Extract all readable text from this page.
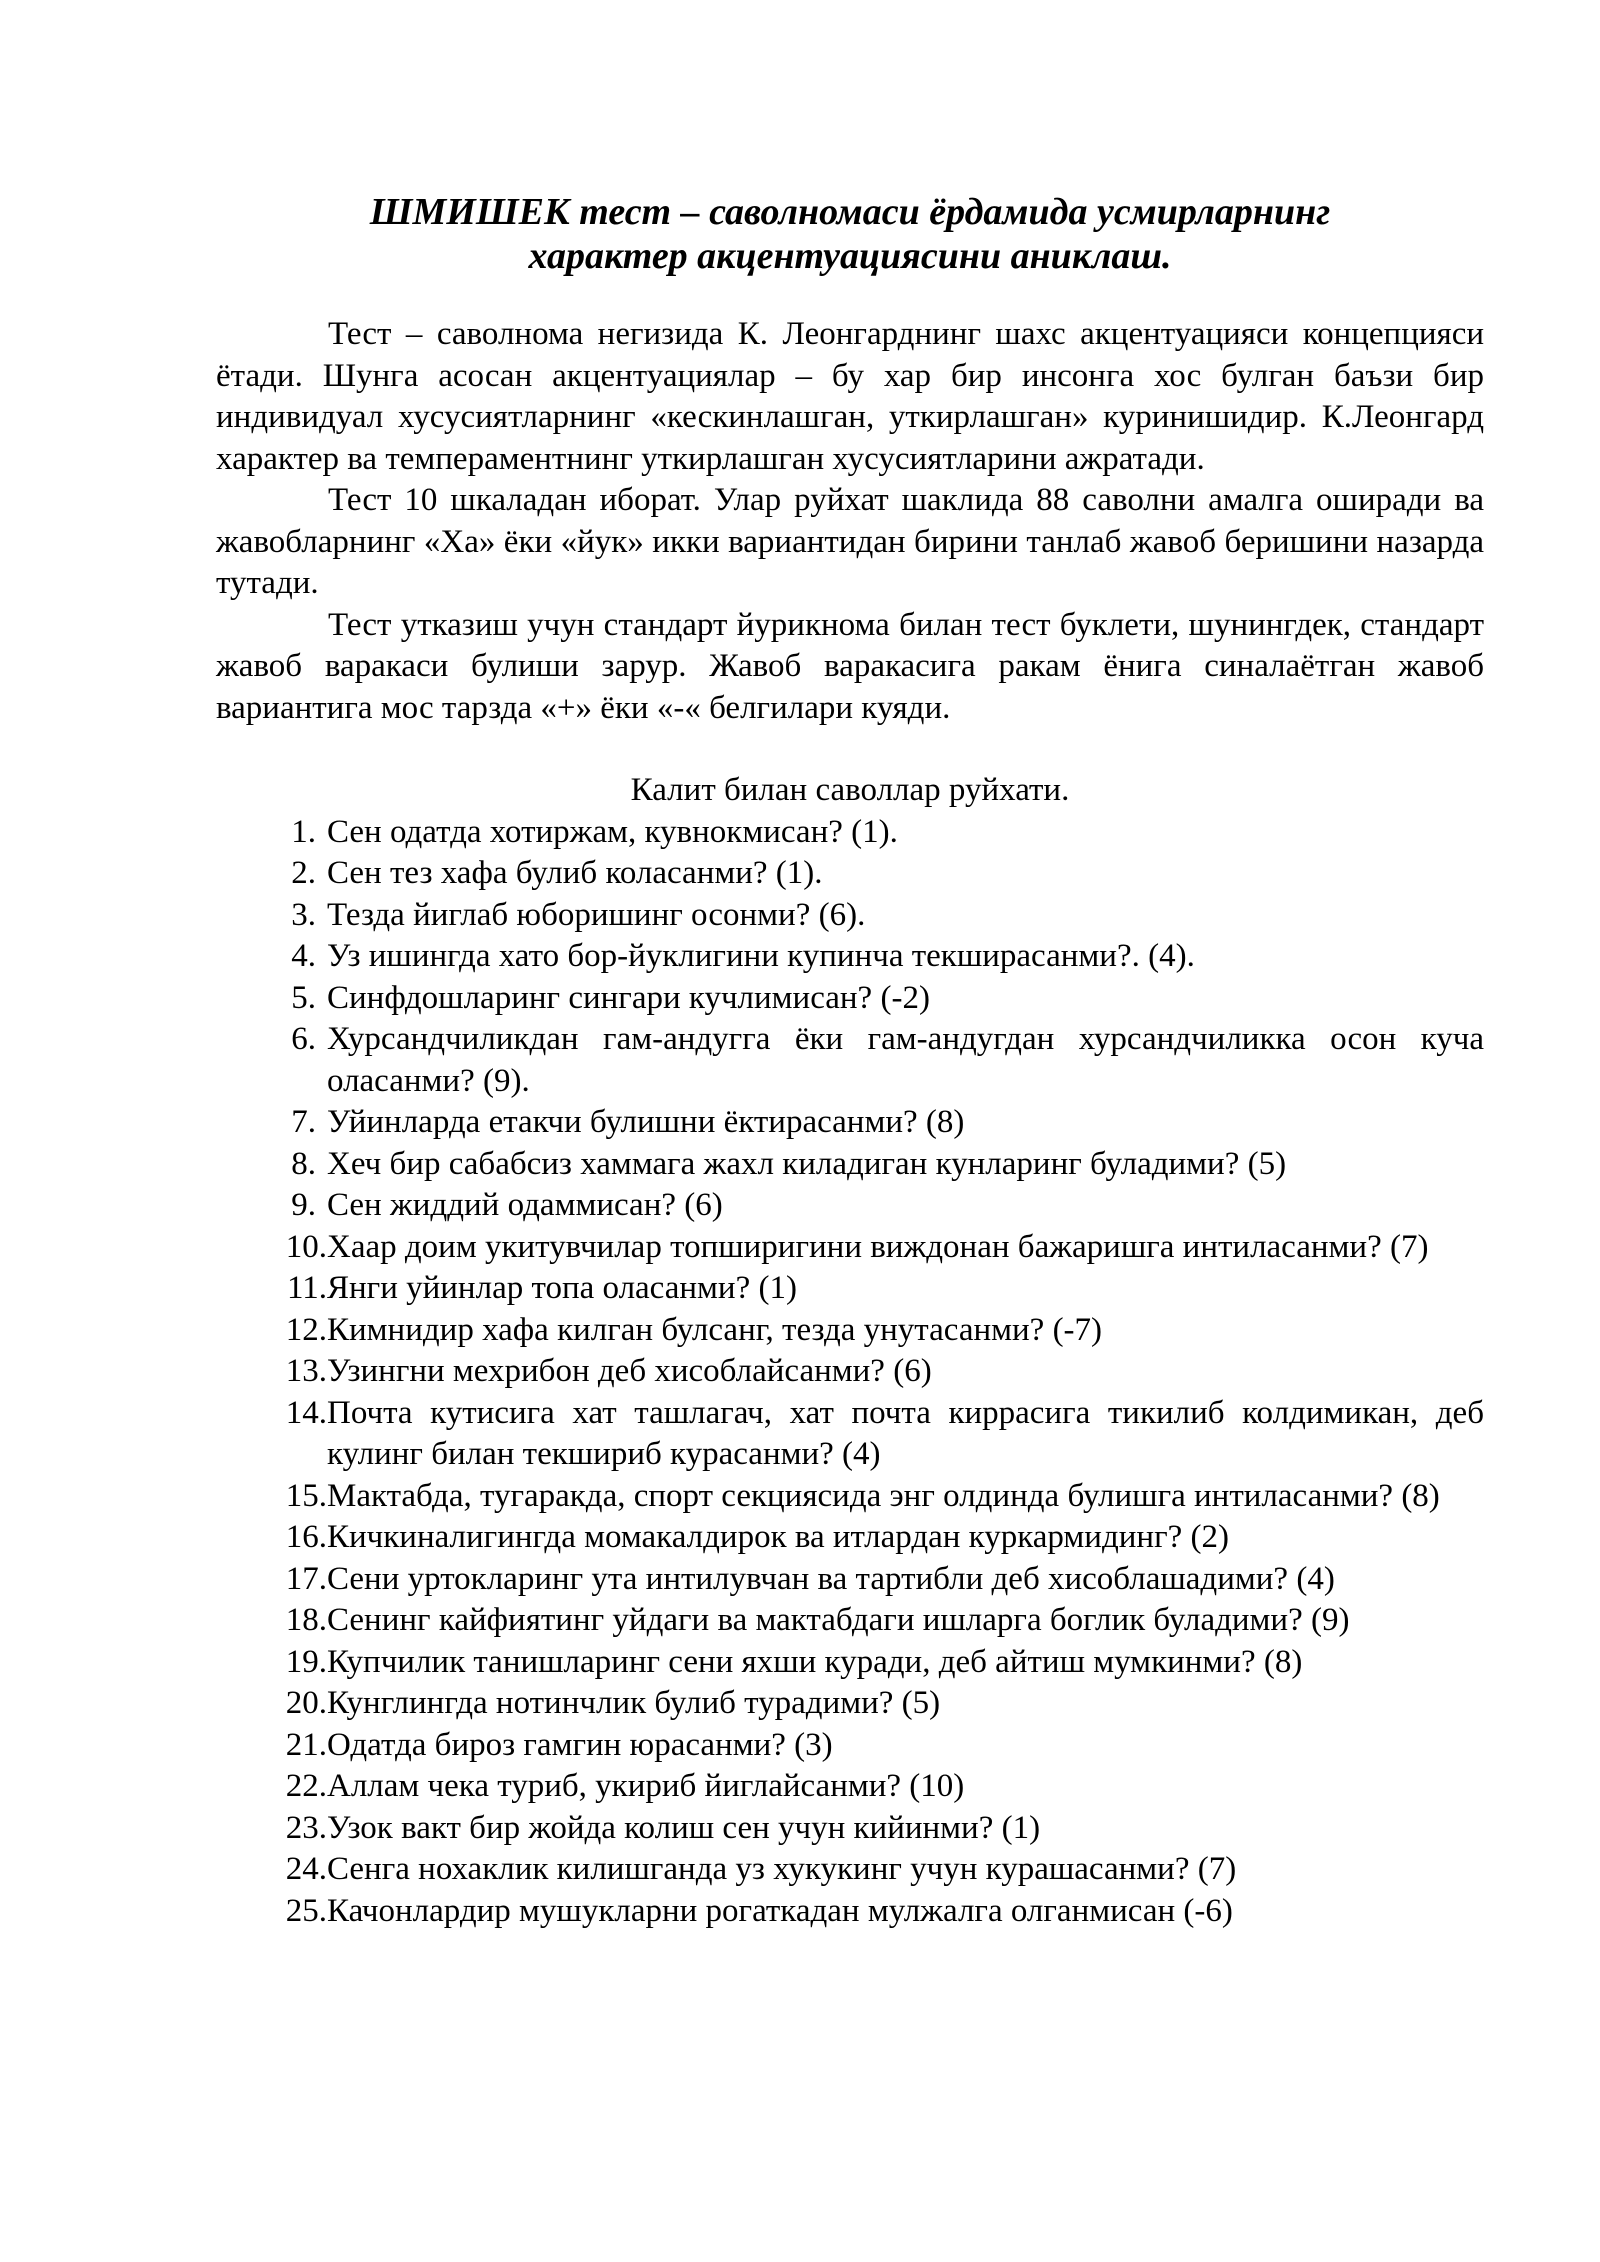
ШМИШЕК тест – саволномаси ёрдамида усмирларнинг
характер акцентуациясини аниклаш.

Тест – саволнома негизида К. Леонгарднинг шахс акцентуацияси концепцияси ётади. Шунга асосан акцентуациялар – бу хар бир инсонга хос булган баъзи бир индивидуал хусусиятларнинг «кескинлашган, уткирлашган» куринишидир. К.Леонгард характер ва темпераментнинг уткирлашган хусусиятларини ажратади.

Тест 10 шкаладан иборат. Улар руйхат шаклида 88 саволни амалга оширади ва жавобларнинг «Ха» ёки «йук» икки вариантидан бирини танлаб жавоб беришини назарда тутади.

Тест утказиш учун стандарт йурикнома билан тест буклети, шунингдек, стандарт жавоб варакаси булиши зарур. Жавоб варакасига ракам ёнига синалаётган жавоб вариантига мос тарзда «+» ёки «-« белгилари куяди.

Калит билан саволлар руйхати.

1. Сен одатда хотиржам, кувнокмисан? (1).
2. Сен тез хафа булиб коласанми? (1).
3. Тезда йиглаб юборишинг осонми? (6).
4. Уз ишингда хато бор-йуклигини купинча текширасанми?. (4).
5. Синфдошларинг сингари кучлимисан? (-2)
6. Хурсандчиликдан гам-андугга ёки гам-андугдан хурсандчиликка осон куча оласанми? (9).
7. Уйинларда етакчи булишни ёктирасанми? (8)
8. Хеч бир сабабсиз хаммага жахл киладиган кунларинг буладими? (5)
9. Сен жиддий одаммисан? (6)
10. Хаар доим укитувчилар топширигини виждонан бажаришга интиласанми? (7)
11. Янги уйинлар топа оласанми? (1)
12. Кимнидир хафа килган булсанг, тезда унутасанми? (-7)
13. Узингни мехрибон деб хисоблайсанми? (6)
14. Почта кутисига хат ташлагач, хат почта киррасига тикилиб колдимикан, деб кулинг билан текшириб курасанми? (4)
15. Мактабда, тугаракда, спорт секциясида энг олдинда булишга интиласанми? (8)
16. Кичкиналигингда момакалдирок ва итлардан куркармидинг? (2)
17. Сени уртокларинг ута интилувчан ва тартибли деб хисоблашадими? (4)
18. Сенинг кайфиятинг уйдаги ва мактабдаги ишларга боглик буладими? (9)
19. Купчилик танишларинг сени яхши куради, деб айтиш мумкинми? (8)
20. Кунглингда нотинчлик булиб турадими? (5)
21. Одатда бироз гамгин юрасанми? (3)
22. Аллам чека туриб, укириб йиглайсанми? (10)
23. Узок вакт бир жойда колиш сен учун кийинми? (1)
24. Сенга нохаклик килишганда уз хукукинг учун курашасанми? (7)
25. Качонлардир мушукларни рогаткадан мулжалга олганмисан (-6)
